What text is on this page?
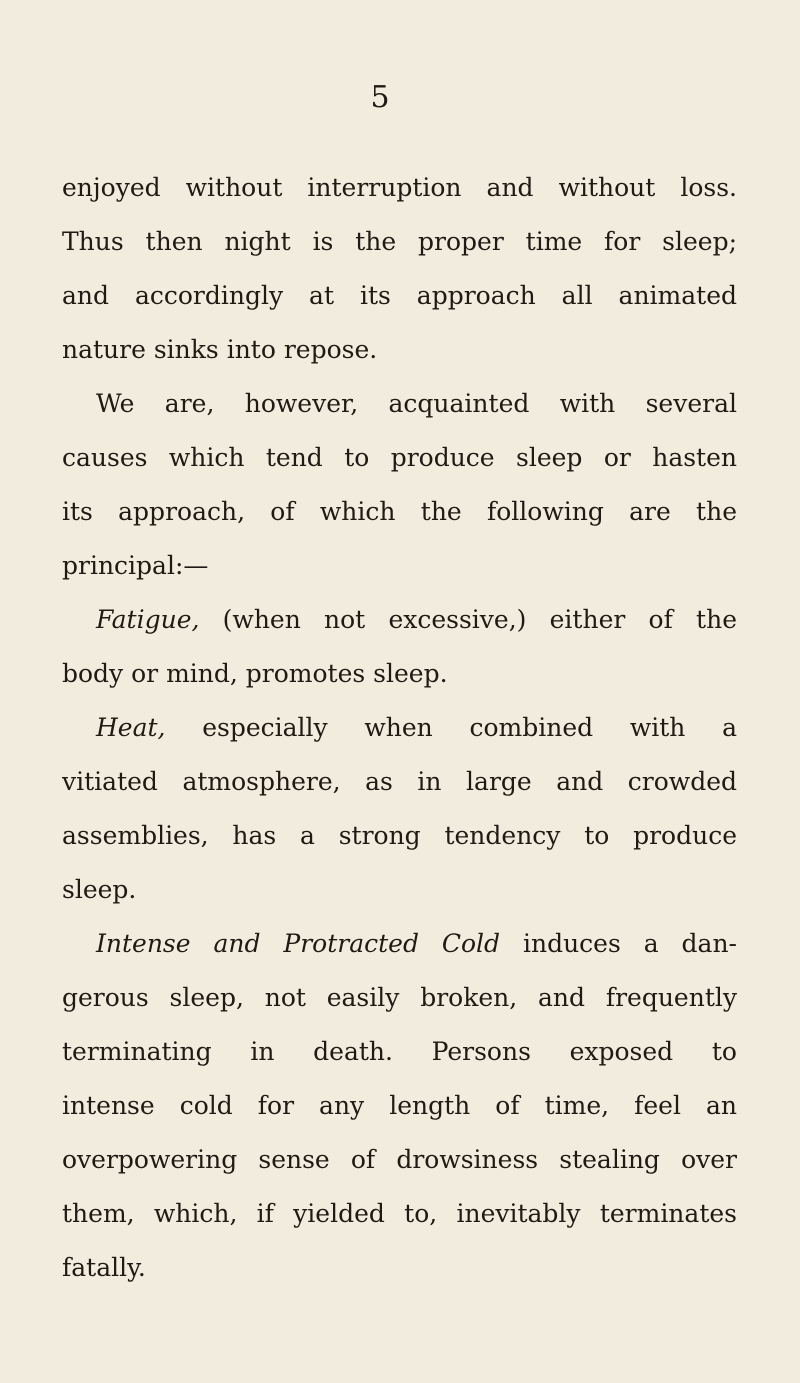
5
enjoyed without interruption and without loss.
Thus then night is the proper time for sleep;
and accordingly at its approach all animated
nature sinks into repose.
We are, however, acquainted with several
causes which tend to produce sleep or hasten
its approach, of which the following are the
principal:—
Fatigue, (when not excessive,) either of the
body or mind, promotes sleep.
Heat, especially when combined with a
vitiated atmosphere, as in large and crowded
assemblies, has a strong tendency to produce
sleep.
Intense and Protracted Cold induces a dan-
gerous sleep, not easily broken, and frequently
terminating in death. Persons exposed to
intense cold for any length of time, feel an
overpowering sense of drowsiness stealing over
them, which, if yielded to, inevitably terminates
fatally.
